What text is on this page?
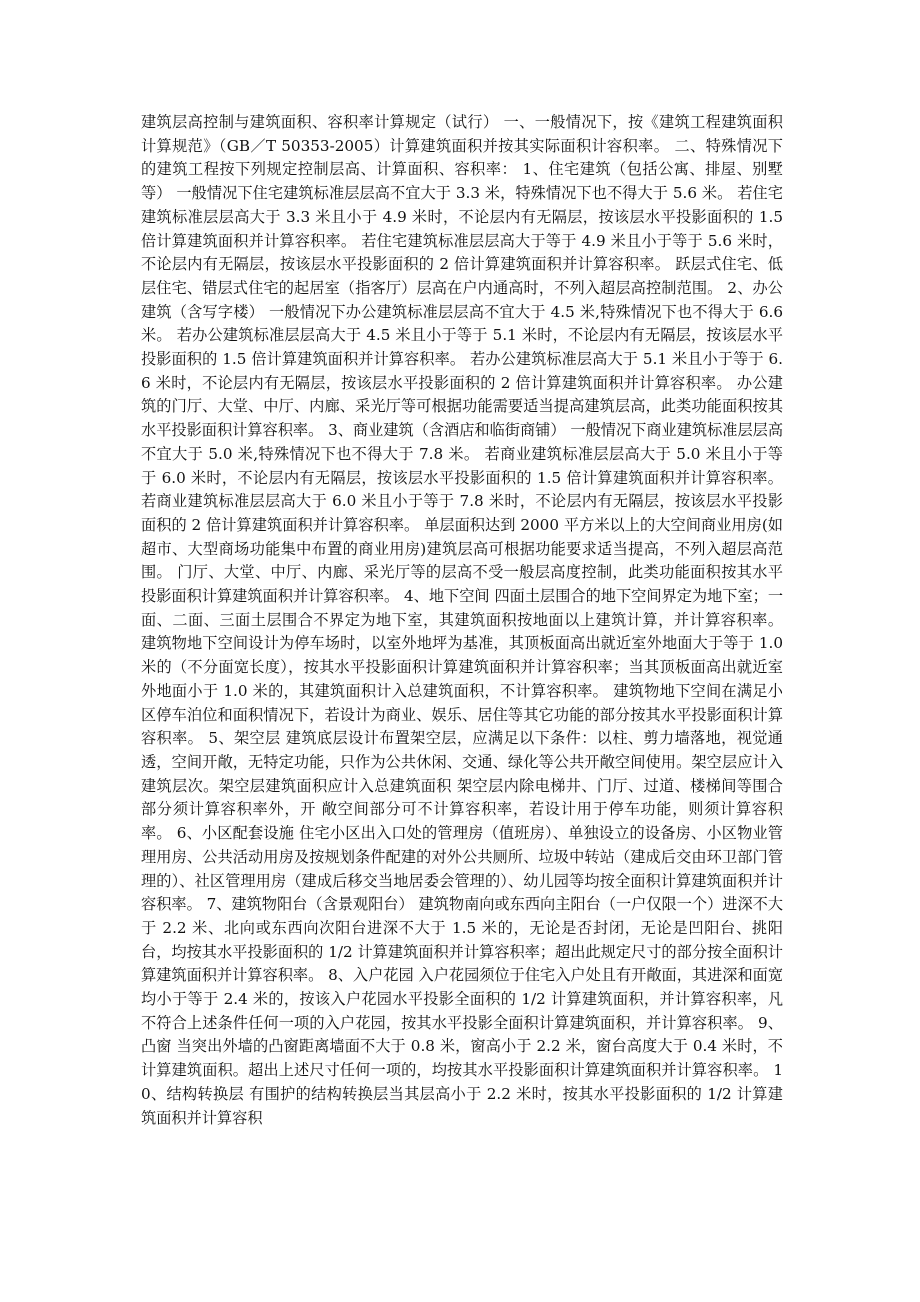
建筑层高控制与建筑面积、容积率计算规定（试行） 一、一般情况下，按《建筑工程建筑面积计算规范》（GB／T 50353-2005）计算建筑面积并按其实际面积计容积率。 二、特殊情况下的建筑工程按下列规定控制层高、计算面积、容积率： 1、住宅建筑（包括公寓、排屋、别墅等） 一般情况下住宅建筑标准层层高不宜大于 3.3 米，特殊情况下也不得大于 5.6 米。 若住宅建筑标准层层高大于 3.3 米且小于 4.9 米时，不论层内有无隔层，按该层水平投影面积的 1.5 倍计算建筑面积并计算容积率。 若住宅建筑标准层层高大于等于 4.9 米且小于等于 5.6 米时，不论层内有无隔层，按该层水平投影面积的 2 倍计算建筑面积并计算容积率。 跃层式住宅、低层住宅、错层式住宅的起居室（指客厅）层高在户内通高时，不列入超层高控制范围。 2、办公建筑（含写字楼） 一般情况下办公建筑标准层层高不宜大于 4.5 米,特殊情况下也不得大于 6.6 米。 若办公建筑标准层层高大于 4.5 米且小于等于 5.1 米时，不论层内有无隔层，按该层水平投影面积的 1.5 倍计算建筑面积并计算容积率。 若办公建筑标准层高大于 5.1 米且小于等于 6.6 米时，不论层内有无隔层，按该层水平投影面积的 2 倍计算建筑面积并计算容积率。 办公建筑的门厅、大堂、中厅、内廊、采光厅等可根据功能需要适当提高建筑层高，此类功能面积按其水平投影面积计算容积率。 3、商业建筑（含酒店和临街商铺） 一般情况下商业建筑标准层层高不宜大于 5.0 米,特殊情况下也不得大于 7.8 米。 若商业建筑标准层层高大于 5.0 米且小于等于 6.0 米时，不论层内有无隔层，按该层水平投影面积的 1.5 倍计算建筑面积并计算容积率。 若商业建筑标准层层高大于 6.0 米且小于等于 7.8 米时，不论层内有无隔层，按该层水平投影面积的 2 倍计算建筑面积并计算容积率。 单层面积达到 2000 平方米以上的大空间商业用房(如超市、大型商场功能集中布置的商业用房)建筑层高可根据功能要求适当提高，不列入超层高范围。 门厅、大堂、中厅、内廊、采光厅等的层高不受一般层高度控制，此类功能面积按其水平投影面积计算建筑面积并计算容积率。 4、地下空间 四面土层围合的地下空间界定为地下室；一面、二面、三面土层围合不界定为地下室，其建筑面积按地面以上建筑计算，并计算容积率。 建筑物地下空间设计为停车场时，以室外地坪为基准，其顶板面高出就近室外地面大于等于 1.0 米的（不分面宽长度），按其水平投影面积计算建筑面积并计算容积率；当其顶板面高出就近室外地面小于 1.0 米的，其建筑面积计入总建筑面积，不计算容积率。 建筑物地下空间在满足小区停车泊位和面积情况下，若设计为商业、娱乐、居住等其它功能的部分按其水平投影面积计算容积率。 5、架空层 建筑底层设计布置架空层，应满足以下条件：以柱、剪力墙落地，视觉通透，空间开敞，无特定功能，只作为公共休闲、交通、绿化等公共开敞空间使用。架空层应计入建筑层次。架空层建筑面积应计入总建筑面积 架空层内除电梯井、门厅、过道、楼梯间等围合部分须计算容积率外，开 敞空间部分可不计算容积率，若设计用于停车功能，则须计算容积率。 6、小区配套设施 住宅小区出入口处的管理房（值班房）、单独设立的设备房、小区物业管理用房、公共活动用房及按规划条件配建的对外公共厕所、垃圾中转站（建成后交由环卫部门管理的）、社区管理用房（建成后移交当地居委会管理的）、幼儿园等均按全面积计算建筑面积并计容积率。 7、建筑物阳台（含景观阳台） 建筑物南向或东西向主阳台（一户仅限一个）进深不大于 2.2 米、北向或东西向次阳台进深不大于 1.5 米的，无论是否封闭，无论是凹阳台、挑阳台，均按其水平投影面积的 1/2 计算建筑面积并计算容积率；超出此规定尺寸的部分按全面积计算建筑面积并计算容积率。 8、入户花园 入户花园须位于住宅入户处且有开敞面，其进深和面宽均小于等于 2.4 米的，按该入户花园水平投影全面积的 1/2 计算建筑面积，并计算容积率，凡不符合上述条件任何一项的入户花园，按其水平投影全面积计算建筑面积，并计算容积率。 9、凸窗 当突出外墙的凸窗距离墙面不大于 0.8 米，窗高小于 2.2 米，窗台高度大于 0.4 米时，不计算建筑面积。超出上述尺寸任何一项的，均按其水平投影面积计算建筑面积并计算容积率。 10、结构转换层 有围护的结构转换层当其层高小于 2.2 米时，按其水平投影面积的 1/2 计算建筑面积并计算容积
